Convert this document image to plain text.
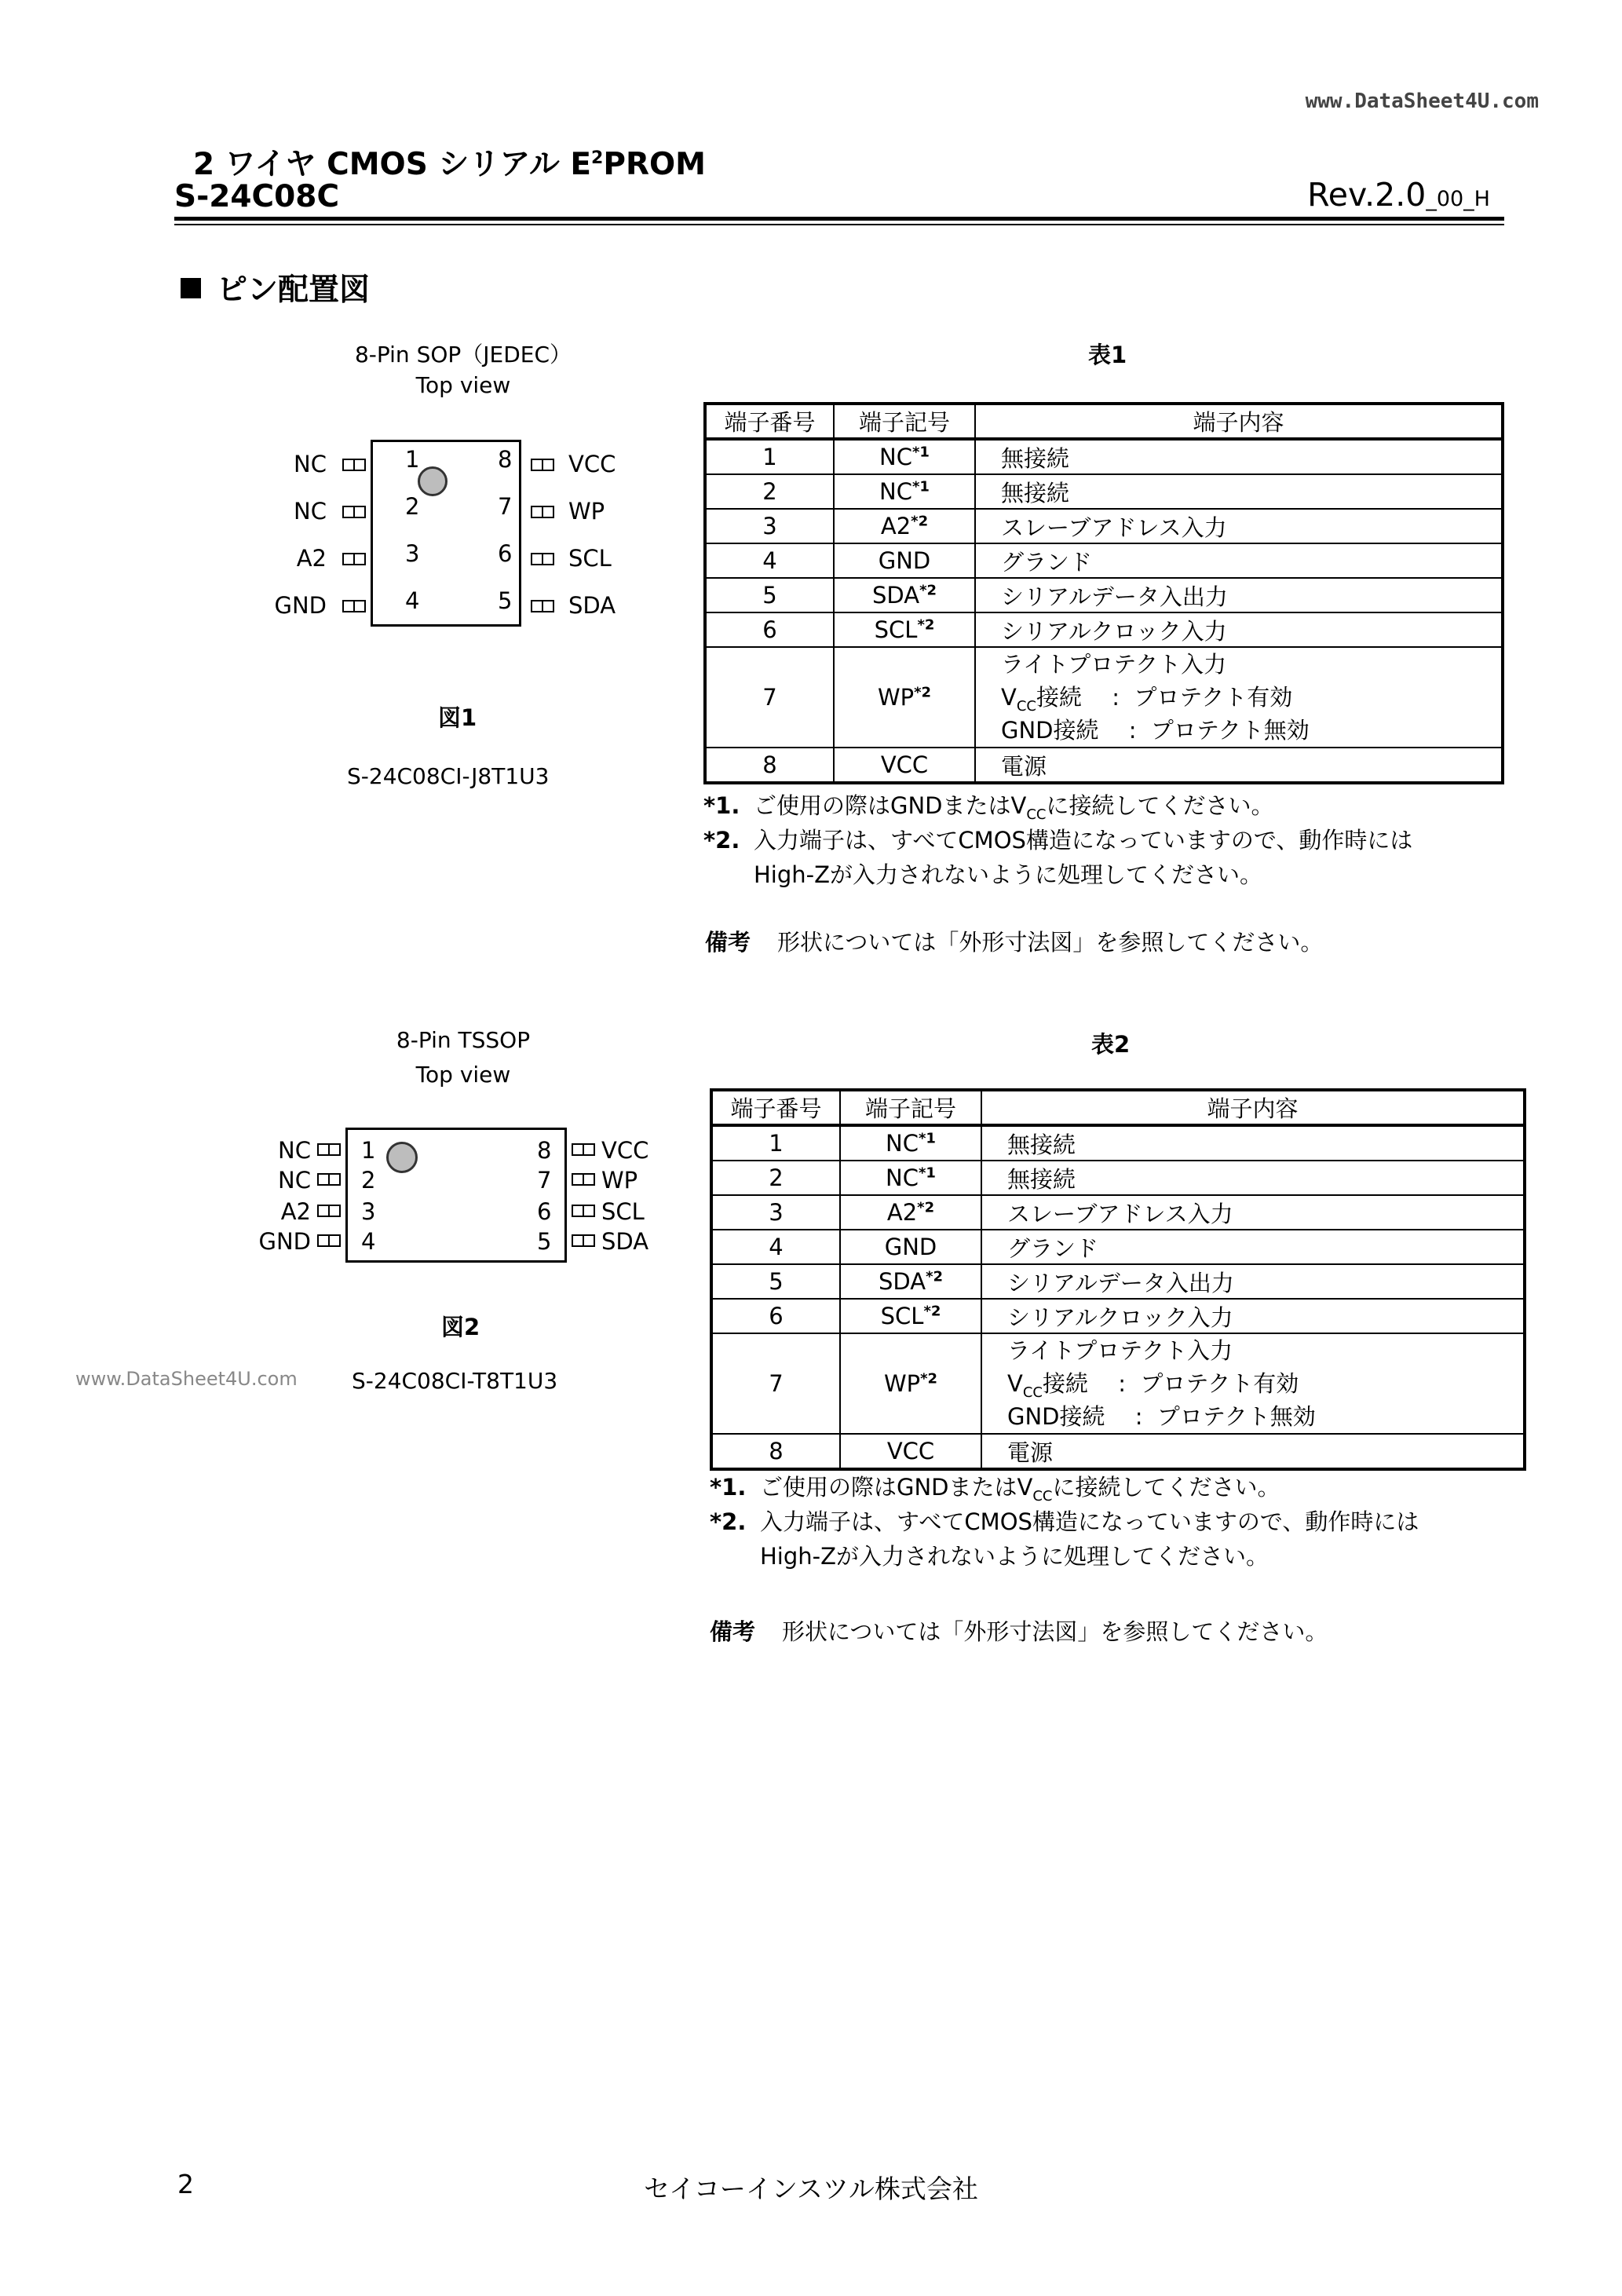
www.DataSheet4U.com
www.DataSheet4U.com
2 ワイヤ CMOS シリアル $E^2PROM$
S-24C08C	Rev.2.0_00_H
ピン配置図
8-Pin SOP（JEDEC）
Top view
NC
NC
A2
GND
1
2
3
4
8
7
6
5
VCC
WP
SCL
SDA
図1
S-24C08CI-J8T1U3
8-Pin TSSOP
Top view
NC
NC
A2
GND
1
2
3
4
8
7
6
5
VCC
WP
SCL
SDA
図2
S-24C08CI-T8T1U3
表1
端子番号	端子記号	端子内容
1	NC$^{*1}$	無接続
2	NC$^{*1}$	無接続
3	A2$^{*2}$	スレーブアドレス入力
4	GND	グランド
5	SDA$^{*2}$	シリアルデータ入出力
6	SCL$^{*2}$	シリアルクロック入力
7	WP$^{*2}$	ライトプロテクト入力
$V_{CC}$接続　 :  プロテクト有効
GND接続　 :  プロテクト無効

8	VCC	電源
*1. ご使用の際はGNDまたは$V_{CC}$に接続してください。
*2. 入力端子は、すべてCMOS構造になっていますので、動作時には
High-Zが入力されないように処理してください。
備考 形状については「外形寸法図」を参照してください。
表2
端子番号	端子記号	端子内容
1	NC$^{*1}$	無接続
2	NC$^{*1}$	無接続
3	A2$^{*2}$	スレーブアドレス入力
4	GND	グランド
5	SDA$^{*2}$	シリアルデータ入出力
6	SCL$^{*2}$	シリアルクロック入力
7	WP$^{*2}$	ライトプロテクト入力
$V_{CC}$接続　 :  プロテクト有効
GND接続　 :  プロテクト無効

8	VCC	電源
*1. ご使用の際はGNDまたは$V_{CC}$に接続してください。
*2. 入力端子は、すべてCMOS構造になっていますので、動作時には
High-Zが入力されないように処理してください。
備考 形状については「外形寸法図」を参照してください。
2	セイコーインスツル株式会社
